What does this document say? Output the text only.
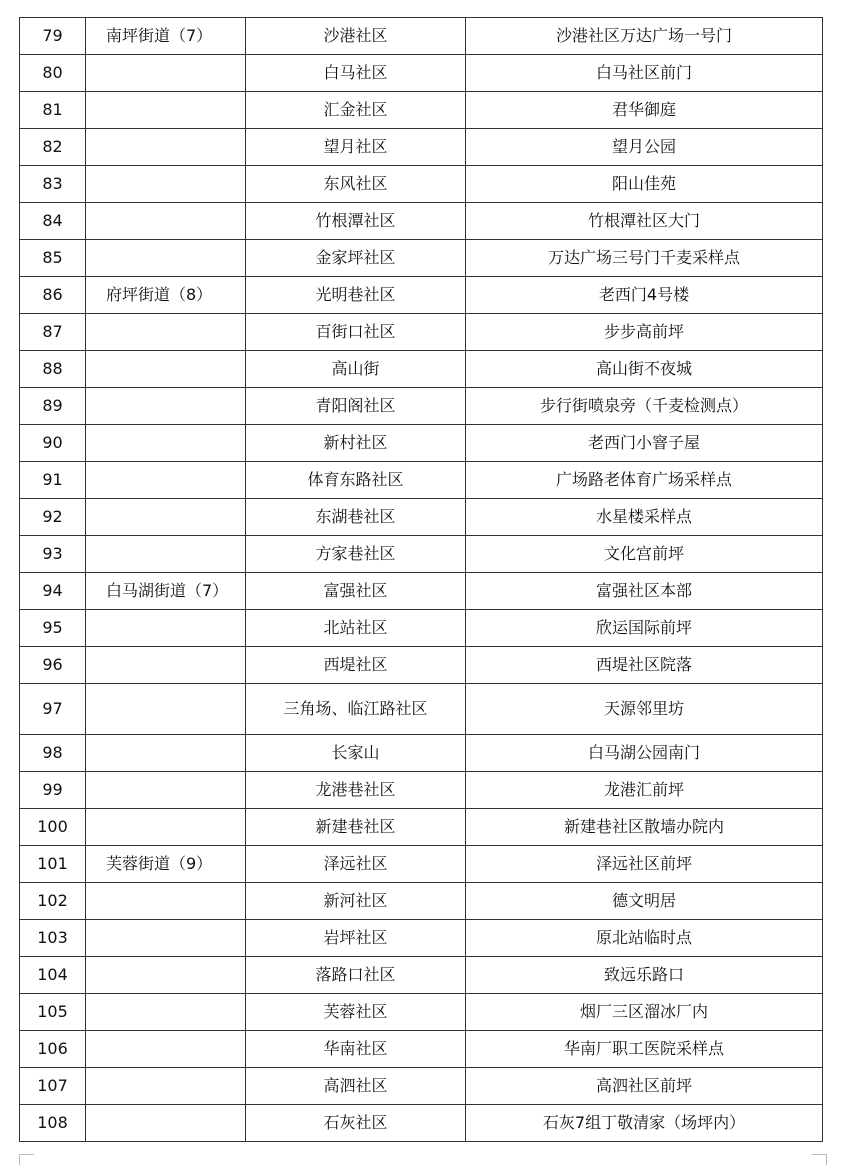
79	南坪街道（7）	沙港社区	沙港社区万达广场一号门
80		白马社区	白马社区前门
81		汇金社区	君华御庭
82		望月社区	望月公园
83		东风社区	阳山佳苑
84		竹根潭社区	竹根潭社区大门
85		金家坪社区	万达广场三号门千麦采样点
86	府坪街道（8）	光明巷社区	老西门4号楼
87		百街口社区	步步高前坪
88		高山街	高山街不夜城
89		青阳阁社区	步行街喷泉旁（千麦检测点）
90		新村社区	老西门小窨子屋
91		体育东路社区	广场路老体育广场采样点
92		东湖巷社区	水星楼采样点
93		方家巷社区	文化宫前坪
94	白马湖街道（7）	富强社区	富强社区本部
95		北站社区	欣运国际前坪
96		西堤社区	西堤社区院落
97		三角场、临江路社区	天源邻里坊
98		长家山	白马湖公园南门
99		龙港巷社区	龙港汇前坪
100		新建巷社区	新建巷社区散墙办院内
101	芙蓉街道（9）	泽远社区	泽远社区前坪
102		新河社区	德文明居
103		岩坪社区	原北站临时点
104		落路口社区	致远乐路口
105		芙蓉社区	烟厂三区溜冰厂内
106		华南社区	华南厂职工医院采样点
107		高泗社区	高泗社区前坪
108		石灰社区	石灰7组丁敬清家（场坪内）
